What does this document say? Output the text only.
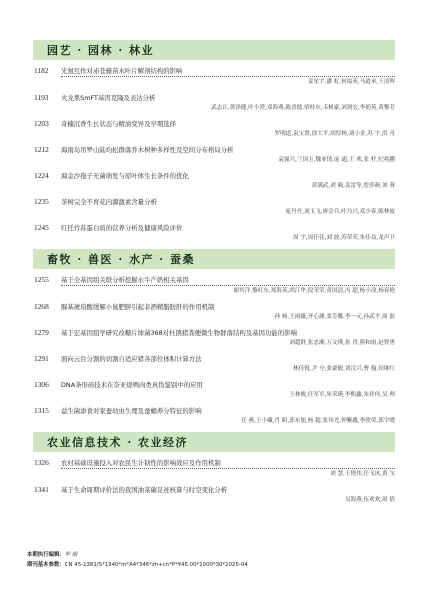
园艺 · 园林 · 林业
1182 光氮互作对赤苍藤苗木叶片解剖结构的影响
姜星宇,潘 虹,何福英,马道承,王凌晖
1193 火龙果SmFT基因克隆及表达分析
武志江,黄泽健,叶小澄,邓海燕,陈晋德,梁桂东,韦树豪,刘剑宏,李娟英,黄黎芳
1203 奇楠沉香生长状态与精油变异及早期选择
罗明道,袁宝贤,徐大平,胡厚杨,刘小金,苏 宇,洪 舟
1212 海南岛吊罗山陆均松群落乔木树种多样性及空间分布格局分析
袁强兴,兰国玉,魏亚情,庞 通,王 欢,张 籽,纪兆鹏
1224 海金沙孢子无菌萌发与原叶体生长条件的优化
黄满武,刘 蕨,姜雷等,詹莎颜,刘 蓉
1235 茶树完全不育花内源激素含量分析
庞丹丹,刘玉飞,唐会兵,叶乃兴,邓少春,陈林波
1245 红托竹荪蛋白质的营养分析及健康风险评价
周 宇,周佳佳,刘 波,苏荣荣,朱佳益,龙声卫
畜牧 · 兽医 · 水产 · 蚕桑
1255 基于全基因组关联分析挖掘水牛产奶相关基因
谢其洋,黎旺东,郑海英,尚江华,段荣荣,黄国清,冯 超,杨小淦,杨春艳
1268 脲基琥珀酸缓解小鼠肥胖引起非酒精脂肪肝的作用机制
孙 杨,王雨薇,齐心涵,张芳馨,李一元,孙武平,周 磊
1279 基于宏基因组学研究改糖片球菌368对杜鹃猪粪便微生物群落结构及基因功能的影响
刘超群,张忠湘,万文瑾,张 青,熊和雨,赵智勇
1291 面向云台分割的切割自适应猪各部位体积计算方法
林佳锐,尹 兮,张豪敏,刘汉兴,曹 翰,田继红
1306 DNA条形码技术在奈亚烧鸭肉类真伪鉴别中的应用
王林俊,任军军,朱荣瑛,李熙鑫,朱祥伟,吴 理
1315 益生菌添食对家蚕幼虫生理及蚕蛹养分特征的影响
任 燕,王小藏,肖 阳,郭东旭,杨 超,张伟光,钟紫鑫,李欣荣,郭宇晓
农业信息技术 · 农业经济
1326 农村基础设施投入对农民生计韧性的影响效应及作用机制
刘 慧,王艳伟,任飞凤,黄 宝
1341 基于生命周期评价法的我国油菜碳足迹核算与时空变化分析
吴海燕,伍欢欢,周 倩
本期执行编辑：罗 丽
期刊基本参数：CN 45-1381/S*1940*m*A4*346*zh+cn*P*¥45.00*1000*30*2025-04
